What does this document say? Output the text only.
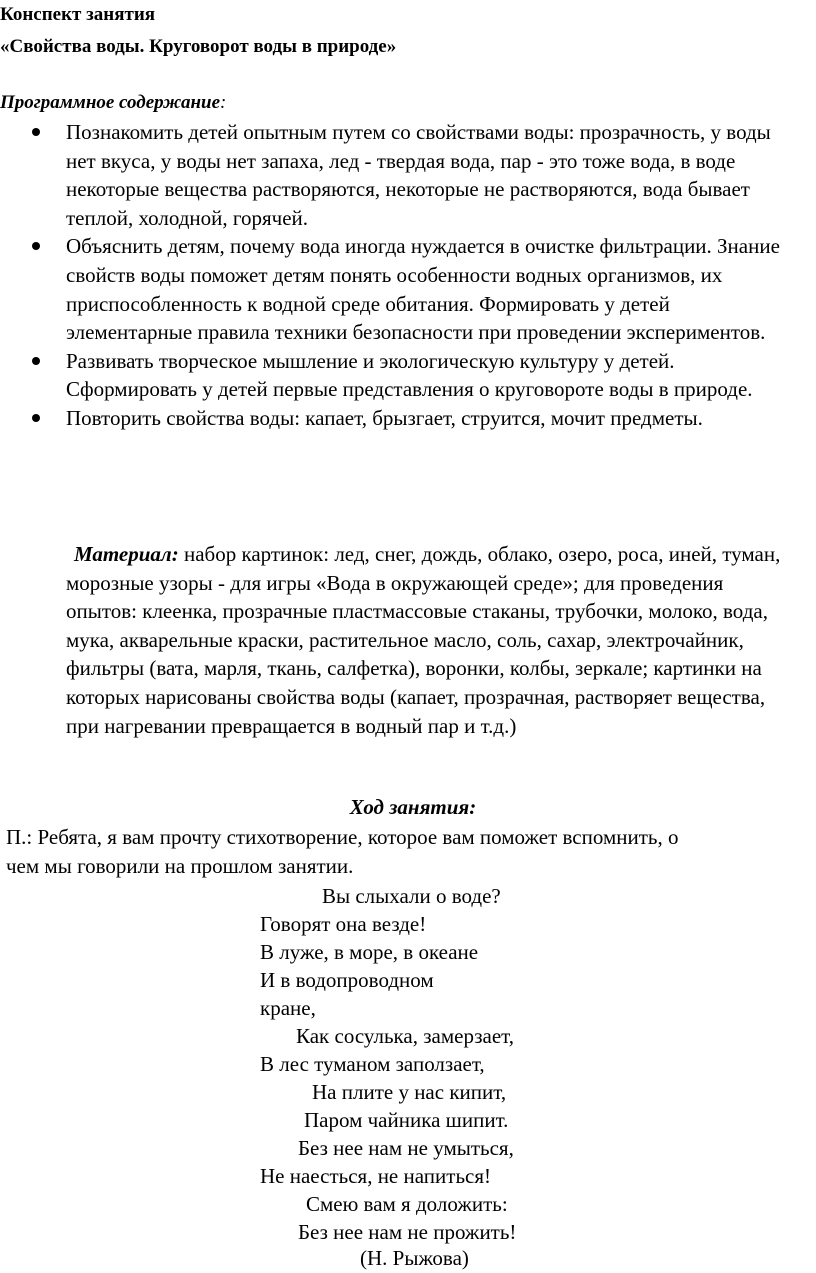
Конспект занятия
«Свойства воды. Круговорот воды в природе»
Программное содержание:
Познакомить детей опытным путем со свойствами воды: прозрачность, у воды нет вкуса, у воды нет запаха, лед - твердая вода, пар - это тоже вода, в воде некоторые вещества растворяются, некоторые не растворяются, вода бывает теплой, холодной, горячей.
Объяснить детям, почему вода иногда нуждается в очистке фильтрации. Знание свойств воды поможет детям понять особенности водных организмов, их приспособленность к водной среде обитания. Формировать у детей элементарные правила техники безопасности при проведении экспериментов.
Развивать творческое мышление и экологическую культуру у детей. Сформировать у детей первые представления о круговороте воды в природе.
Повторить свойства воды: капает, брызгает, струится, мочит предметы.
Материал: набор картинок: лед, снег, дождь, облако, озеро, роса, иней, туман, морозные узоры - для игры «Вода в окружающей среде»; для проведения опытов: клеенка, прозрачные пластмассовые стаканы, трубочки, молоко, вода, мука, акварельные краски, растительное масло, соль, сахар, электрочайник, фильтры (вата, марля, ткань, салфетка), воронки, колбы, зеркале; картинки на которых нарисованы свойства воды (капает, прозрачная, растворяет вещества, при нагревании превращается в водный пар и т.д.)
Ход занятия:
П.: Ребята, я вам прочту стихотворение, которое вам поможет вспомнить, о чем мы говорили на прошлом занятии.
Вы слыхали о воде?
Говорят она везде!
В луже, в море, в океане
И в водопроводном
кране,
Как сосулька, замерзает,
В лес туманом заползает,
На плите у нас кипит,
Паром чайника шипит.
Без нее нам не умыться,
Не наесться, не напиться!
Смею вам я доложить:
Без нее нам не прожить!
(Н. Рыжова)
